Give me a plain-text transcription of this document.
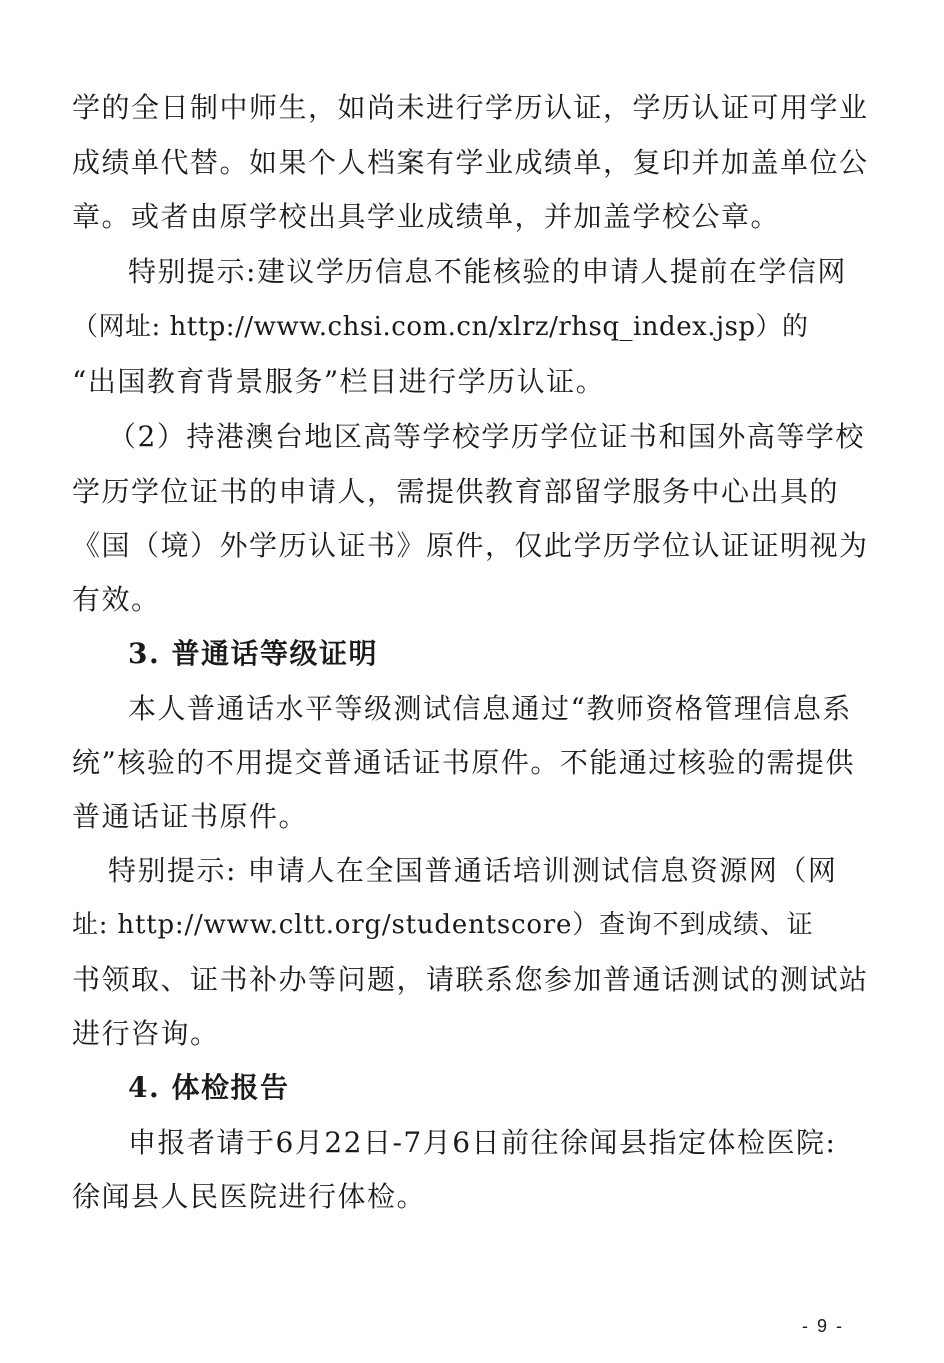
学的全日制中师生，如尚未进行学历认证，学历认证可用学业
成绩单代替。如果个人档案有学业成绩单，复印并加盖单位公
章。或者由原学校出具学业成绩单，并加盖学校公章。
特别提示:建议学历信息不能核验的申请人提前在学信网
（网址: http://www.chsi.com.cn/xlrz/rhsq_index.jsp）的
“出国教育背景服务”栏目进行学历认证。
（2）持港澳台地区高等学校学历学位证书和国外高等学校
学历学位证书的申请人，需提供教育部留学服务中心出具的
《国（境）外学历认证书》原件，仅此学历学位认证证明视为
有效。
3. 普通话等级证明
本人普通话水平等级测试信息通过“教师资格管理信息系
统”核验的不用提交普通话证书原件。不能通过核验的需提供
普通话证书原件。
特别提示: 申请人在全国普通话培训测试信息资源网（网
址: http://www.cltt.org/studentscore）查询不到成绩、证
书领取、证书补办等问题，请联系您参加普通话测试的测试站
进行咨询。
4. 体检报告
申报者请于6月22日-7月6日前往徐闻县指定体检医院:
徐闻县人民医院进行体检。
- 9 -
